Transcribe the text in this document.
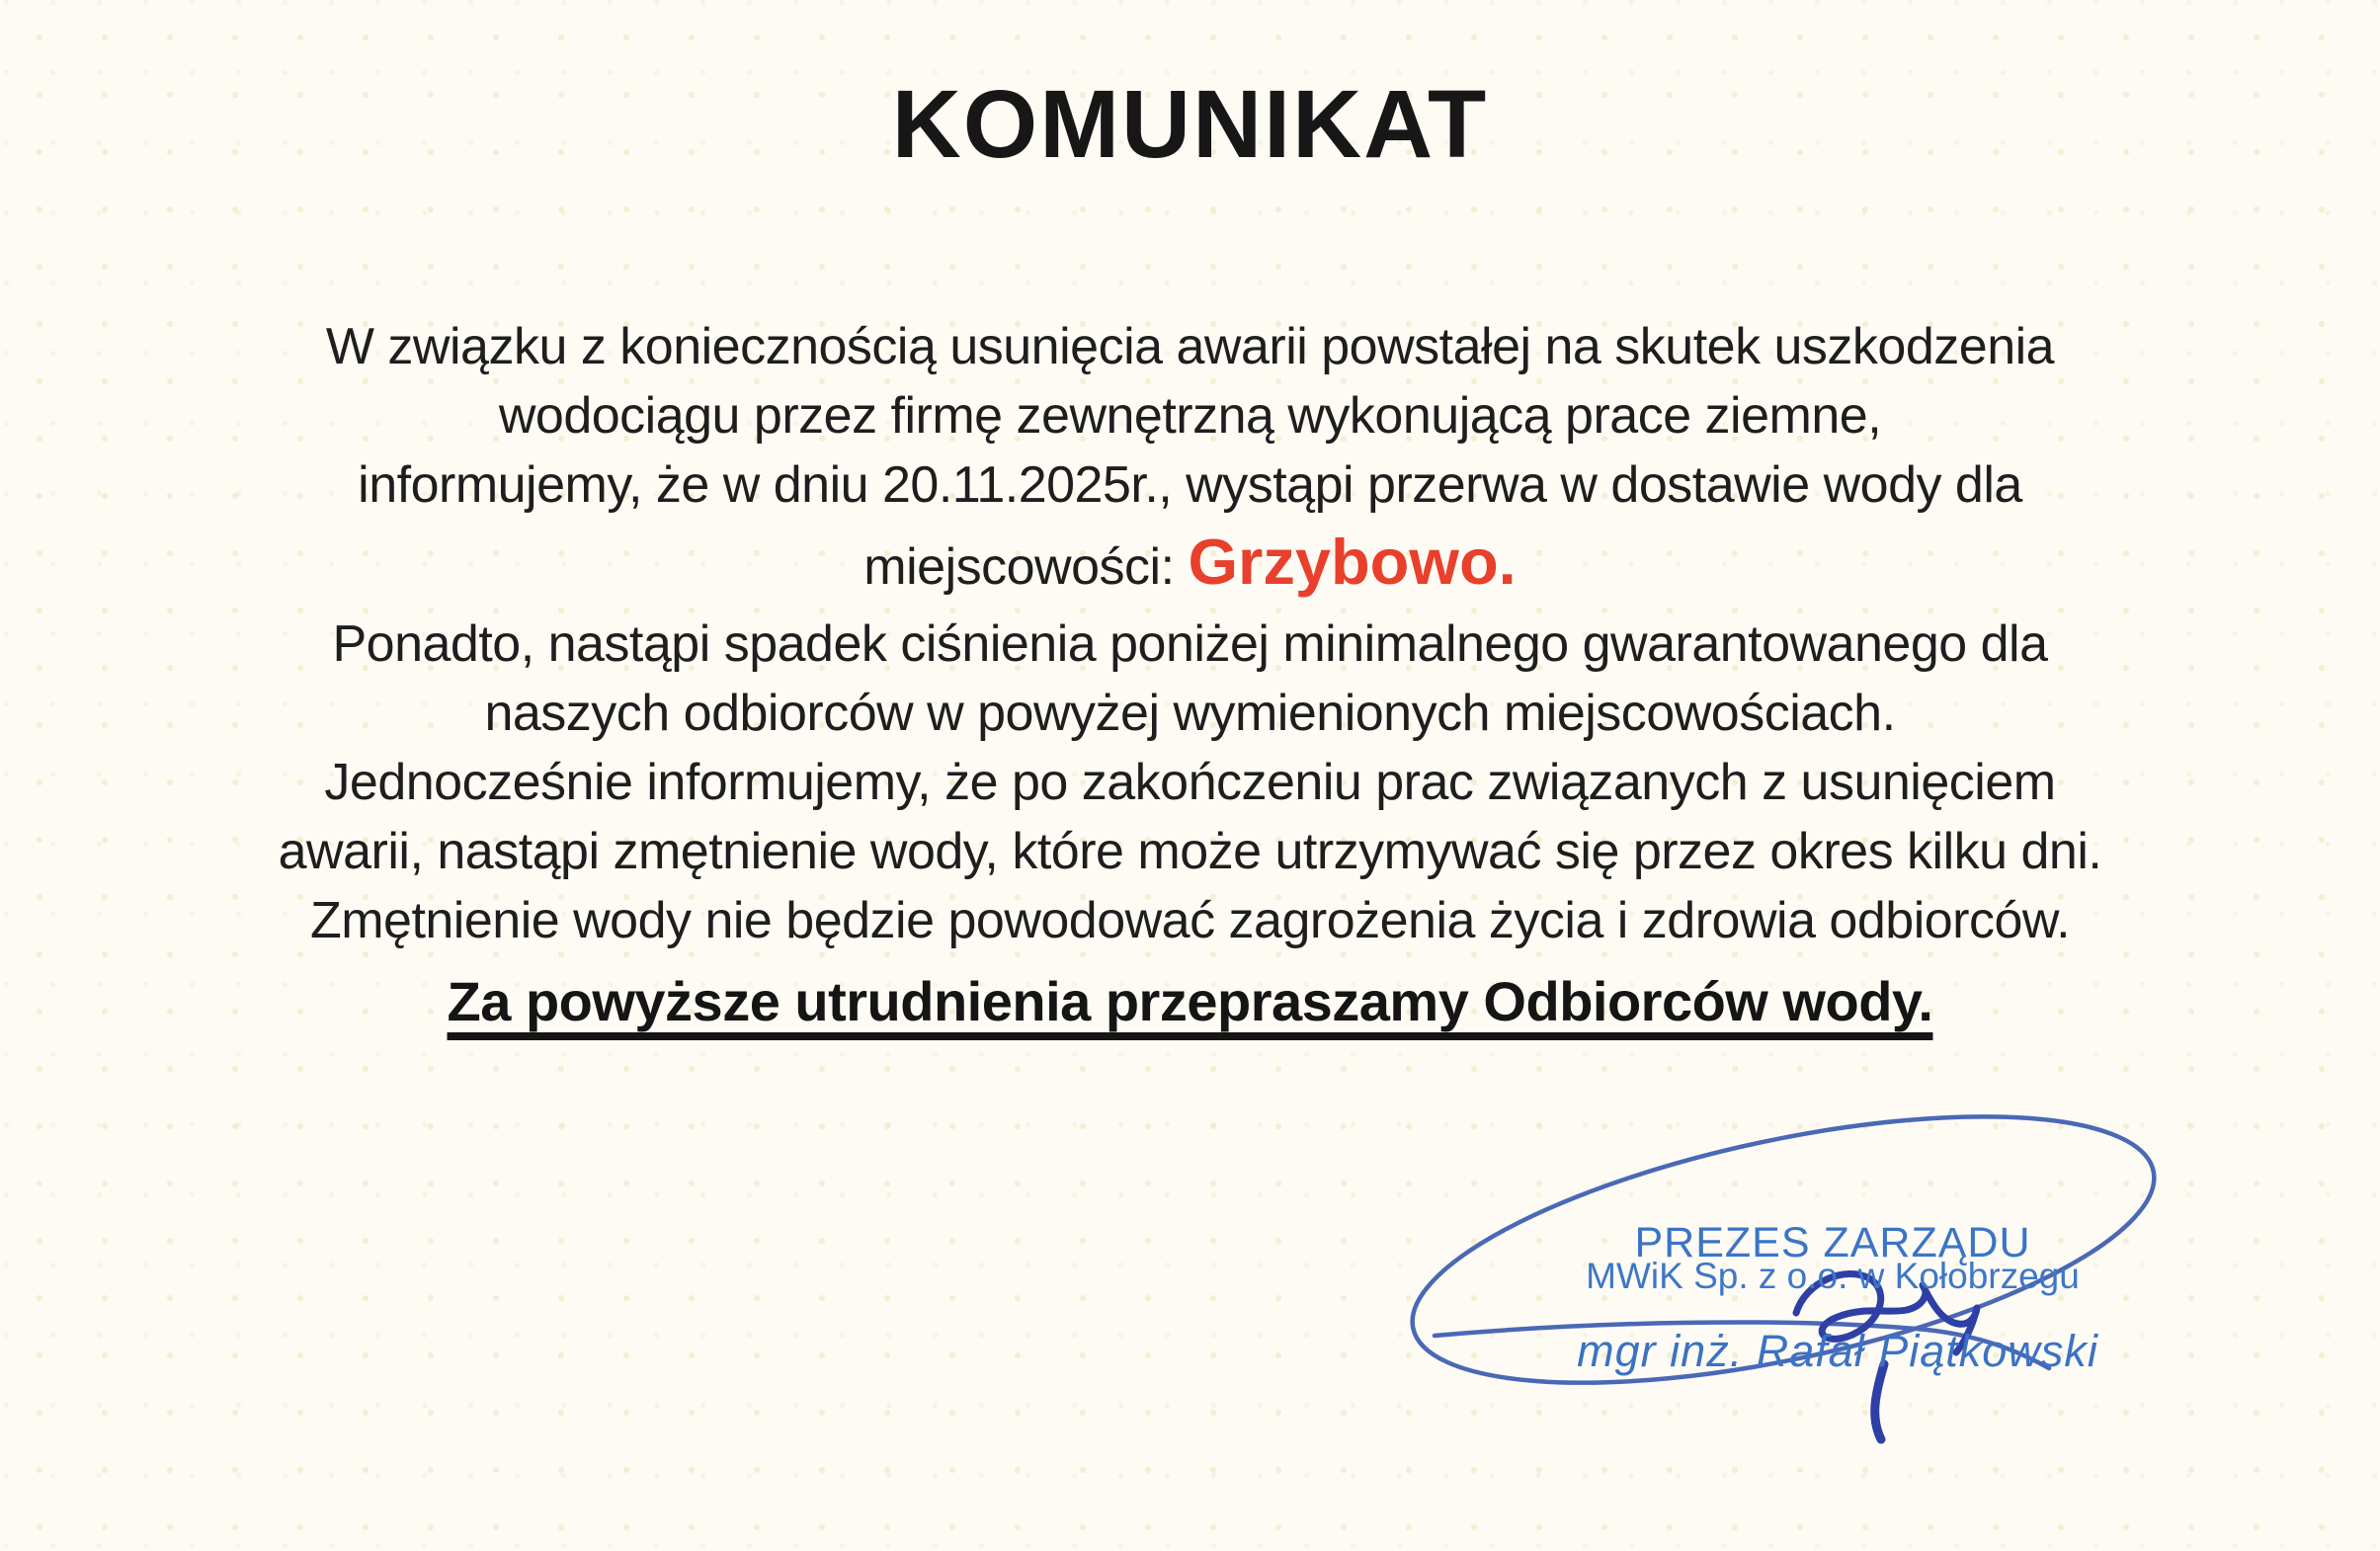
KOMUNIKAT
W związku z koniecznością usunięcia awarii powstałej na skutek uszkodzenia
wodociągu przez firmę zewnętrzną wykonującą prace ziemne,
informujemy, że w dniu 20.11.2025r., wystąpi przerwa w dostawie wody dla
miejscowości: Grzybowo.
Ponadto, nastąpi spadek ciśnienia poniżej minimalnego gwarantowanego dla
naszych odbiorców w powyżej wymienionych miejscowościach.
Jednocześnie informujemy, że po zakończeniu prac związanych z usunięciem
awarii, nastąpi zmętnienie wody, które może utrzymywać się przez okres kilku dni.
Zmętnienie wody nie będzie powodować zagrożenia życia i zdrowia odbiorców.
Za powyższe utrudnienia przepraszamy Odbiorców wody.
PREZES ZARZĄDU
MWiK Sp. z o.o. w Kołobrzegu
mgr inż. Rafał Piątkowski
